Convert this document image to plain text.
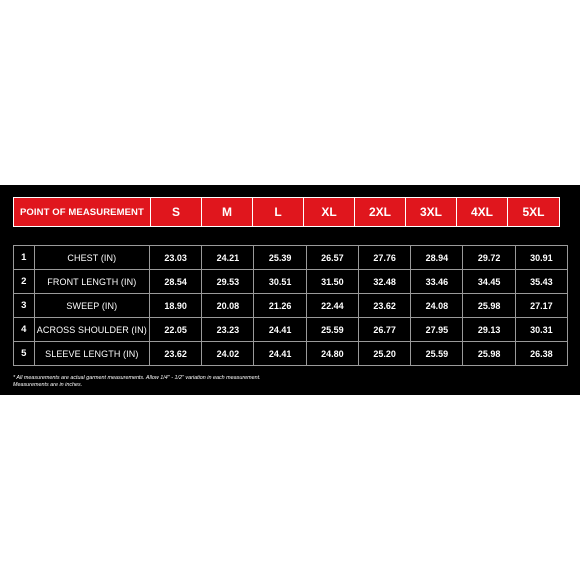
POINT OF MEASUREMENT	S	M	L	XL	2XL	3XL	4XL	5XL
1	CHEST (IN)	23.03	24.21	25.39	26.57	27.76	28.94	29.72	30.91
2	FRONT LENGTH (IN)	28.54	29.53	30.51	31.50	32.48	33.46	34.45	35.43
3	SWEEP (IN)	18.90	20.08	21.26	22.44	23.62	24.08	25.98	27.17
4	ACROSS SHOULDER (IN)	22.05	23.23	24.41	25.59	26.77	27.95	29.13	30.31
5	SLEEVE LENGTH (IN)	23.62	24.02	24.41	24.80	25.20	25.59	25.98	26.38
* All measurements are actual garment measurements. Allow 1/4" - 1/2" variation in each measurement.
Measurements are in inches.
